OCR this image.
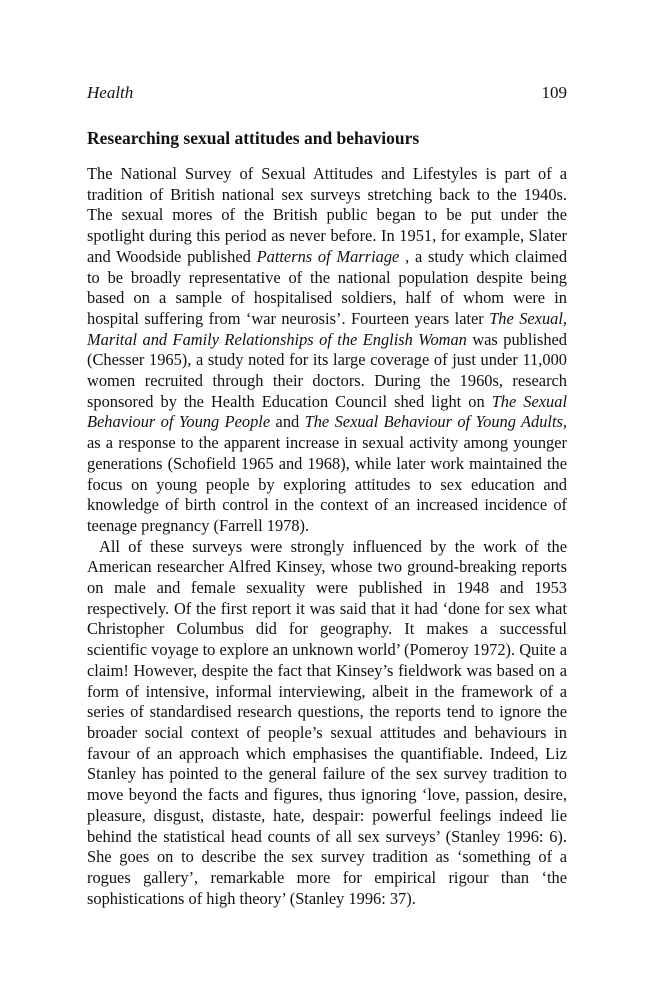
Health	109
Researching sexual attitudes and behaviours

The National Survey of Sexual Attitudes and Lifestyles is part of a tradition of British national sex surveys stretching back to the 1940s. The sexual mores of the British public began to be put under the spotlight during this period as never before. In 1951, for example, Slater and Woodside published Patterns of Marriage , a study which claimed to be broadly representative of the national population despite being based on a sample of hospitalised soldiers, half of whom were in hospital suffering from ‘war neurosis’. Fourteen years later The Sexual, Marital and Family Relationships of the English Woman was published (Chesser 1965), a study noted for its large coverage of just under 11,000 women recruited through their doctors. During the 1960s, research sponsored by the Health Education Council shed light on The Sexual Behaviour of Young People and The Sexual Behaviour of Young Adults, as a response to the apparent increase in sexual activity among younger generations (Schofield 1965 and 1968), while later work maintained the focus on young people by exploring attitudes to sex education and knowledge of birth control in the context of an increased incidence of teenage pregnancy (Farrell 1978).

All of these surveys were strongly influenced by the work of the American researcher Alfred Kinsey, whose two ground-breaking reports on male and female sexuality were published in 1948 and 1953 respectively. Of the first report it was said that it had ‘done for sex what Christopher Columbus did for geography. It makes a successful scientific voyage to explore an unknown world’ (Pomeroy 1972). Quite a claim! However, despite the fact that Kinsey’s fieldwork was based on a form of intensive, informal interviewing, albeit in the framework of a series of standardised research questions, the reports tend to ignore the broader social context of people’s sexual attitudes and behaviours in favour of an approach which emphasises the quantifiable. Indeed, Liz Stanley has pointed to the general failure of the sex survey tradition to move beyond the facts and figures, thus ignoring ‘love, passion, desire, pleasure, disgust, distaste, hate, despair: powerful feelings indeed lie behind the statistical head counts of all sex surveys’ (Stanley 1996: 6). She goes on to describe the sex survey tradition as ‘something of a rogues gallery’, remarkable more for empirical rigour than ‘the sophistications of high theory’ (Stanley 1996: 37).
